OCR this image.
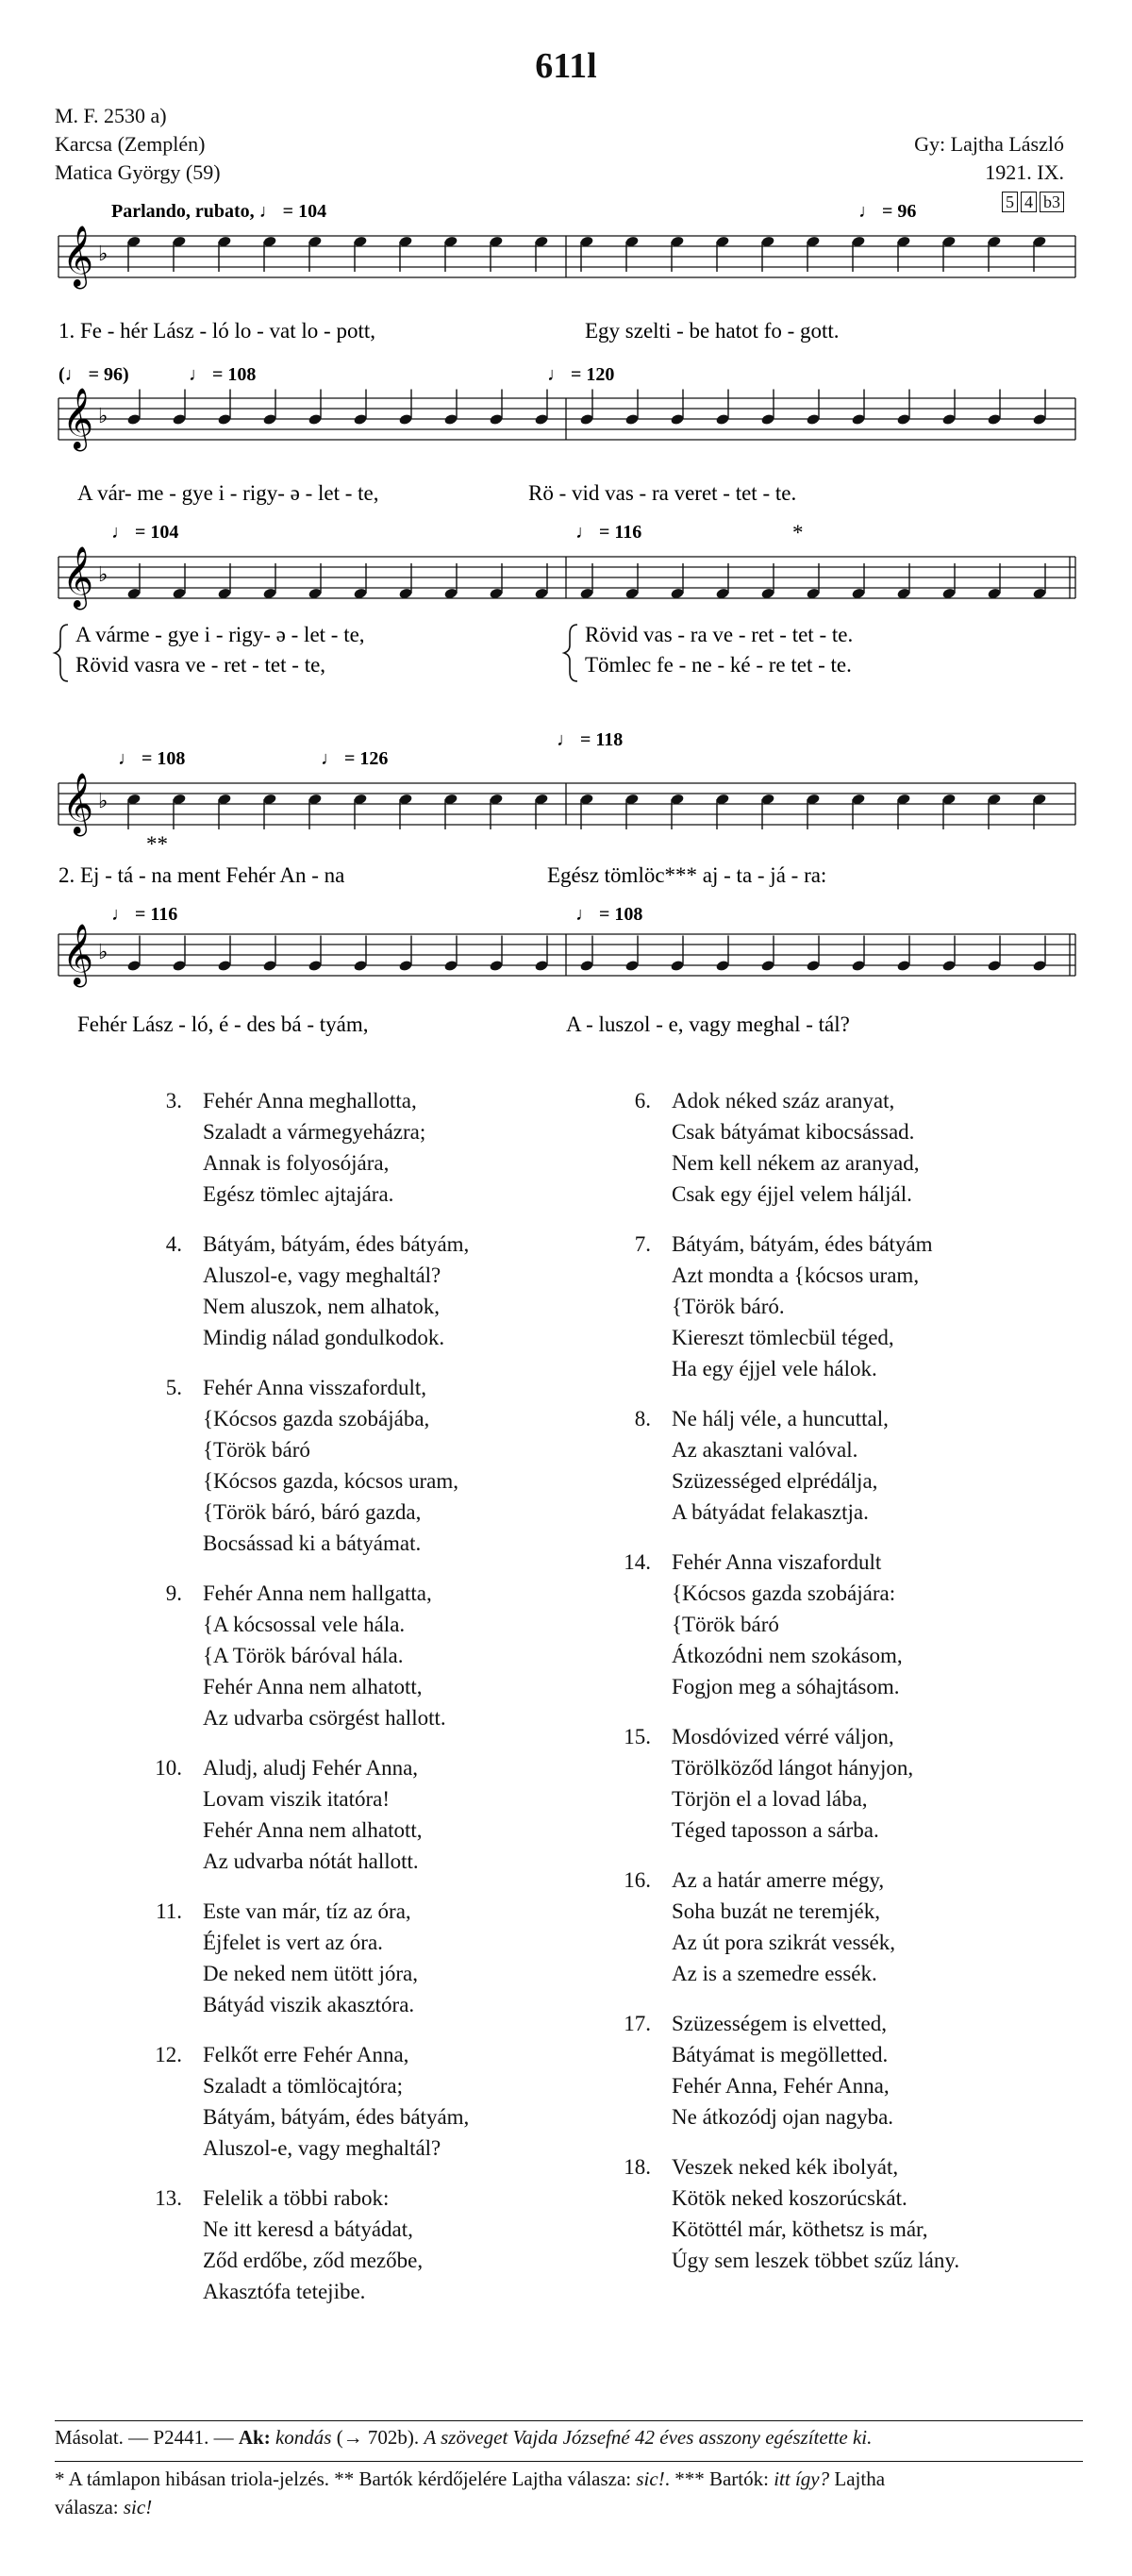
611l
M. F. 2530 a)
Karcsa (Zemplén)
Matica György (59)
Gy: Lajtha László
1921. IX.
5 4 b3
𝄞 ♭
𝄞 ♭
𝄞 ♭
𝄞 ♭
𝄞 ♭
Parlando, rubato, ♩ = 104	♩ = 96
(♩ = 96)	♩ = 108	♩ = 120
♩ = 104	♩ = 116
♩ = 108	♩ = 126
♩ = 118
♩ = 116	♩ = 108
*
**
1. Fe - hér Lász - ló lo - vat lo - pott,	Egy szelti - be hatot fo - gott.
A vár- me - gye i - rigy- ə - let - te,	Rö - vid vas - ra veret - tet - te.
A várme - gye i - rigy- ə - let - te,	Rövid vas - ra ve - ret - tet - te.
Rövid vasra ve - ret - tet - te,	Tömlec fe - ne - ké - re tet - te.
2. Ej - tá - na ment Fehér An - na	Egész tömlöc*** aj - ta - já - ra:
Fehér Lász - ló, é - des bá - tyám,	A - luszol - e, vagy meghal - tál?
3. Fehér Anna meghallotta,
Szaladt a vármegyeházra;
Annak is folyosójára,
Egész tömlec ajtajára.
4. Bátyám, bátyám, édes bátyám,
Aluszol-e, vagy meghaltál?
Nem aluszok, nem alhatok,
Mindig nálad gondulkodok.
5. Fehér Anna visszafordult,
{Kócsos gazda szobájába,
{Török báró
{Kócsos gazda, kócsos uram,
{Török báró, báró gazda,
Bocsássad ki a bátyámat.
9. Fehér Anna nem hallgatta,
{A kócsossal vele hála.
{A Török báróval hála.
Fehér Anna nem alhatott,
Az udvarba csörgést hallott.
10. Aludj, aludj Fehér Anna,
Lovam viszik itatóra!
Fehér Anna nem alhatott,
Az udvarba nótát hallott.
11. Este van már, tíz az óra,
Éjfelet is vert az óra.
De neked nem ütött jóra,
Bátyád viszik akasztóra.
12. Felkőt erre Fehér Anna,
Szaladt a tömlöcajtóra;
Bátyám, bátyám, édes bátyám,
Aluszol-e, vagy meghaltál?
13. Felelik a többi rabok:
Ne itt keresd a bátyádat,
Ződ erdőbe, ződ mezőbe,
Akasztófa tetejibe.
6. Adok néked száz aranyat,
Csak bátyámat kibocsássad.
Nem kell nékem az aranyad,
Csak egy éjjel velem háljál.
7. Bátyám, bátyám, édes bátyám
Azt mondta a {kócsos uram,
{Török báró.
Kiereszt tömlecbül téged,
Ha egy éjjel vele hálok.
8. Ne hálj véle, a huncuttal,
Az akasztani valóval.
Szüzességed elprédálja,
A bátyádat felakasztja.
14. Fehér Anna viszafordult
{Kócsos gazda szobájára:
{Török báró
Átkozódni nem szokásom,
Fogjon meg a sóhajtásom.
15. Mosdóvized vérré váljon,
Törölköződ lángot hányjon,
Törjön el a lovad lába,
Téged taposson a sárba.
16. Az a határ amerre mégy,
Soha buzát ne teremjék,
Az út pora szikrát vessék,
Az is a szemedre essék.
17. Szüzességem is elvetted,
Bátyámat is megölletted.
Fehér Anna, Fehér Anna,
Ne átkozódj ojan nagyba.
18. Veszek neked kék ibolyát,
Kötök neked koszorúcskát.
Kötöttél már, köthetsz is már,
Úgy sem leszek többet szűz lány.
Másolat. — P2441. — Ak: kondás (→ 702b). A szöveget Vajda Józsefné 42 éves asszony egészítette ki.
* A támlapon hibásan triola-jelzés. ** Bartók kérdőjelére Lajtha válasza: sic!. *** Bartók: itt így? Lajtha
válasza: sic!
